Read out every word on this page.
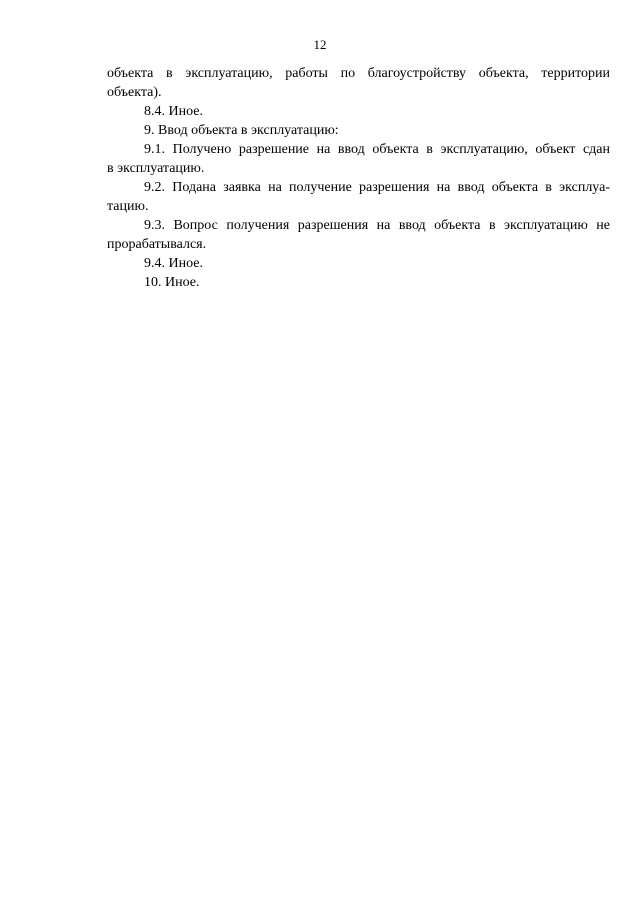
12
объекта в эксплуатацию, работы по благоустройству объекта, территории
объекта).
8.4. Иное.
9. Ввод объекта в эксплуатацию:
9.1. Получено разрешение на ввод объекта в эксплуатацию, объект сдан
в эксплуатацию.
9.2. Подана заявка на получение разрешения на ввод объекта в эксплуа-
тацию.
9.3. Вопрос получения разрешения на ввод объекта в эксплуатацию не
прорабатывался.
9.4. Иное.
10. Иное.
